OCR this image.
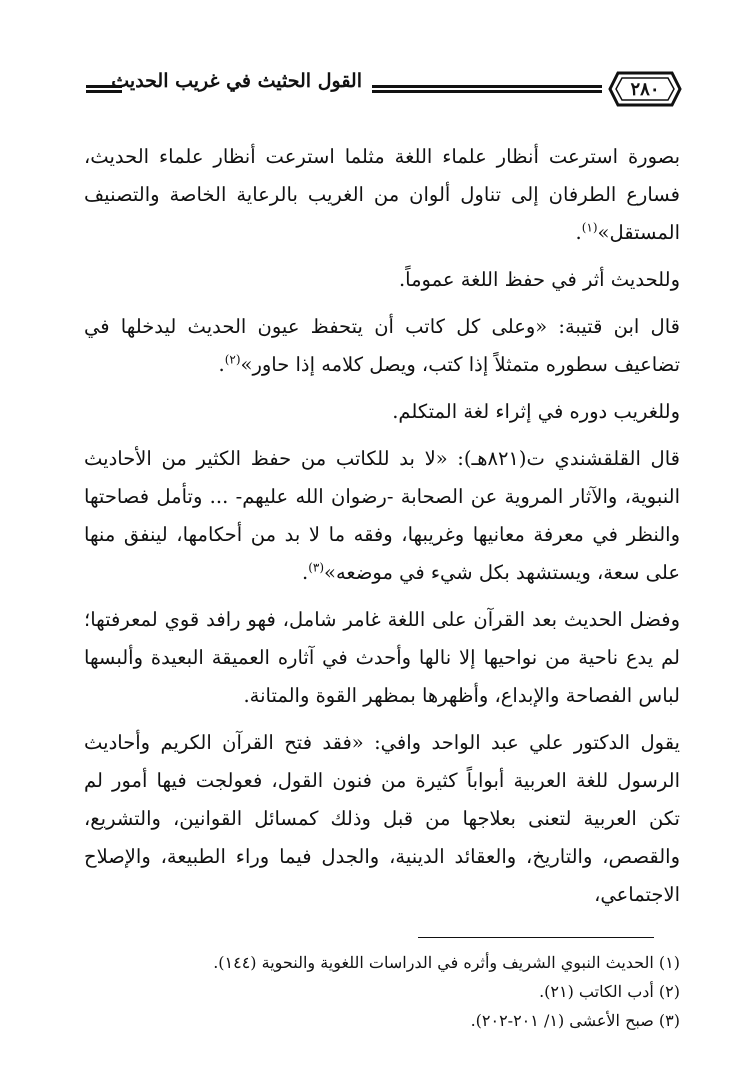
القول الحثيث في غريب الحديث	٢٨٠

بصورة استرعت أنظار علماء اللغة مثلما استرعت أنظار علماء الحديث، فسارع الطرفان إلى تناول ألوان من الغريب بالرعاية الخاصة والتصنيف المستقل»$^{(١)}$.

وللحديث أثر في حفظ اللغة عموماً.

قال ابن قتيبة: «وعلى كل كاتب أن يتحفظ عيون الحديث ليدخلها في تضاعيف سطوره متمثلاً إذا كتب، ويصل كلامه إذا حاور»$^{(٢)}$.

وللغريب دوره في إثراء لغة المتكلم.

قال القلقشندي ت(٨٢١هـ): «لا بد للكاتب من حفظ الكثير من الأحاديث النبوية، والآثار المروية عن الصحابة -رضوان الله عليهم- ... وتأمل فصاحتها والنظر في معرفة معانيها وغريبها، وفقه ما لا بد من أحكامها، لينفق منها على سعة، ويستشهد بكل شيء في موضعه»$^{(٣)}$.

وفضل الحديث بعد القرآن على اللغة غامر شامل، فهو رافد قوي لمعرفتها؛ لم يدع ناحية من نواحيها إلا نالها وأحدث في آثاره العميقة البعيدة وألبسها لباس الفصاحة والإبداع، وأظهرها بمظهر القوة والمتانة.

يقول الدكتور علي عبد الواحد وافي: «فقد فتح القرآن الكريم وأحاديث الرسول للغة العربية أبواباً كثيرة من فنون القول، فعولجت فيها أمور لم تكن العربية لتعنى بعلاجها من قبل وذلك كمسائل القوانين، والتشريع، والقصص، والتاريخ، والعقائد الدينية، والجدل فيما وراء الطبيعة، والإصلاح الاجتماعي،

(١) الحديث النبوي الشريف وأثره في الدراسات اللغوية والنحوية (١٤٤).
(٢) أدب الكاتب (٢١).
(٣) صبح الأعشى (١/ ٢٠١-٢٠٢).
